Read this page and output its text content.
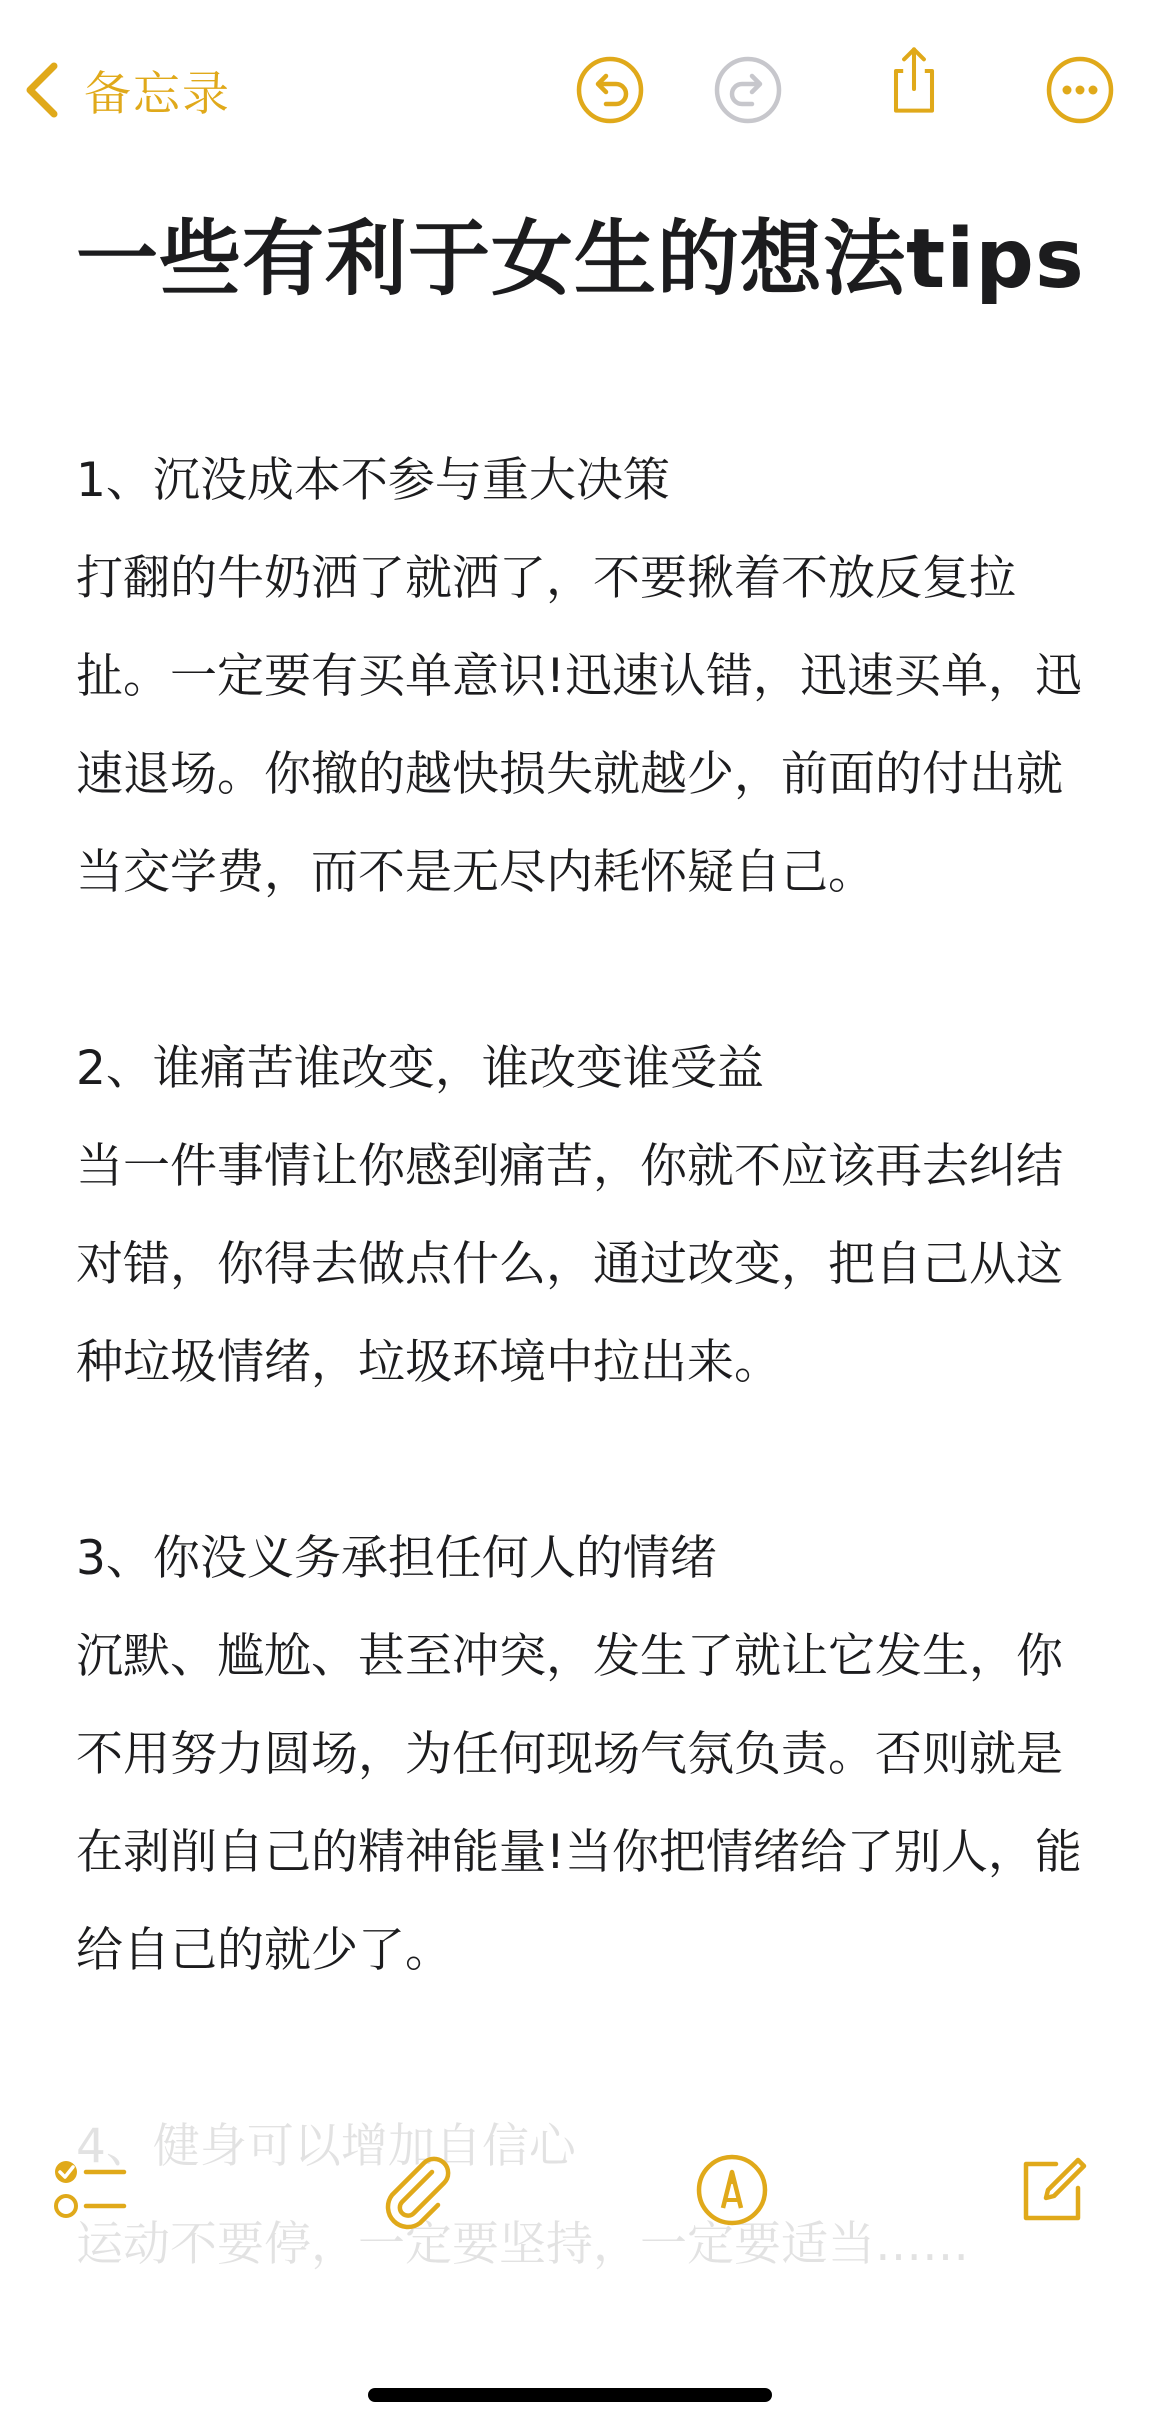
备忘录
一些有利于女生的想法tips

1、沉没成本不参与重大决策

打翻的牛奶洒了就洒了，不要揪着不放反复拉扯。一定要有买单意识!迅速认错，迅速买单，迅速退场。你撤的越快损失就越少，前面的付出就当交学费，而不是无尽内耗怀疑自己。

2、谁痛苦谁改变，谁改变谁受益

当一件事情让你感到痛苦，你就不应该再去纠结对错，你得去做点什么，通过改变，把自己从这种垃圾情绪，垃圾环境中拉出来。

3、你没义务承担任何人的情绪

沉默、尴尬、甚至冲突，发生了就让它发生，你不用努力圆场，为任何现场气氛负责。否则就是在剥削自己的精神能量!当你把情绪给了别人，能给自己的就少了。

4、健身可以增加自信心

运动不要停，一定要坚持，一定要适当……
